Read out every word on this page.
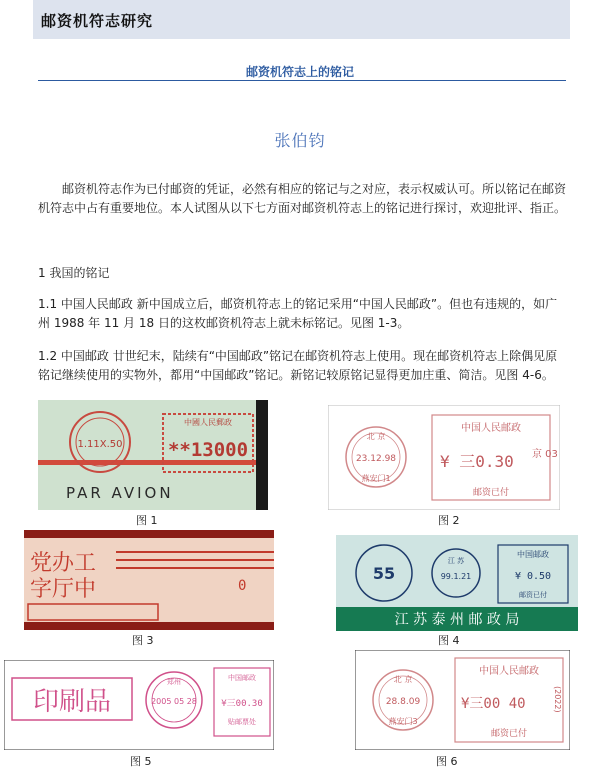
邮资机符志研究
邮资机符志上的铭记
张伯钧

邮资机符志作为已付邮资的凭证，必然有相应的铭记与之对应，表示权威认可。所以铭记在邮资机符志中占有重要地位。本人试图从以下七方面对邮资机符志上的铭记进行探讨，欢迎批评、指正。

1 我国的铭记

1.1 中国人民邮政 新中国成立后，邮资机符志上的铭记采用“中国人民邮政”。但也有违规的，如广州 1988 年 11 月 18 日的这枚邮资机符志上就未标铭记。见图 1-3。

1.2 中国邮政 廿世纪末，陆续有“中国邮政”铭记在邮资机符志上使用。现在邮资机符志上除偶见原铭记继续使用的实物外，都用“中国邮政”铭记。新铭记较原铭记显得更加庄重、简洁。见图 4-6。

1.11X.50
中國人民郵政
**13000
PAR AVION
图 1
北 京
23.12.98
燕安门1
中国人民邮政
¥ 三0.30 京 03
邮资已付
图 2
党办工
字厅中	0
图 3
55
江 苏
99.1.21
中国邮政
¥ 0.50
邮资已付
江 苏 泰 州 邮 政 局
图 4
印刷品
郑州
2005 05 28
中国邮政
¥三00.30
贴邮票处
图 5
北 京
28.8.09
燕安门3
中国人民邮政
¥三00 40	(2022)
邮资已付
图 6
